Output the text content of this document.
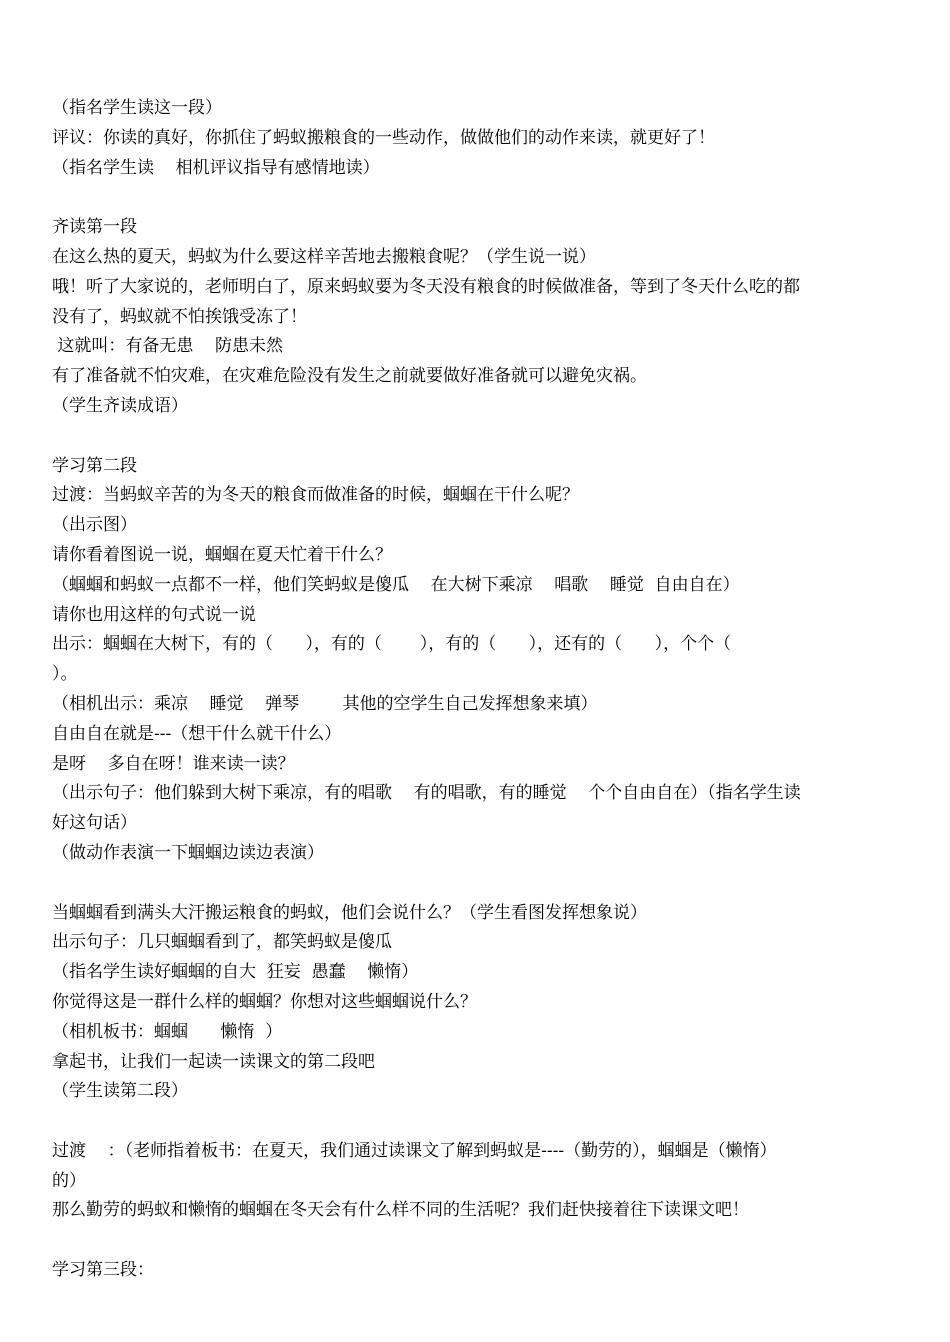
（指名学生读这一段）
评议：你读的真好，你抓住了蚂蚁搬粮食的一些动作，做做他们的动作来读，就更好了！
（指名学生读    相机评议指导有感情地读）
齐读第一段
在这么热的夏天，蚂蚁为什么要这样辛苦地去搬粮食呢？（学生说一说）
哦！听了大家说的，老师明白了，原来蚂蚁要为冬天没有粮食的时候做准备，等到了冬天什么吃的都
没有了，蚂蚁就不怕挨饿受冻了！
这就叫：有备无患    防患未然
有了准备就不怕灾难，在灾难危险没有发生之前就要做好准备就可以避免灾祸。
（学生齐读成语）
学习第二段
过渡：当蚂蚁辛苦的为冬天的粮食而做准备的时候，蝈蝈在干什么呢？
（出示图）
请你看着图说一说，蝈蝈在夏天忙着干什么？
（蝈蝈和蚂蚁一点都不一样，他们笑蚂蚁是傻瓜    在大树下乘凉    唱歌    睡觉  自由自在）
请你也用这样的句式说一说
出示：蝈蝈在大树下，有的（      ），有的（       ），有的（      ），还有的（      ），个个（
）。
（相机出示：乘凉    睡觉    弹琴        其他的空学生自己发挥想象来填）
自由自在就是---（想干什么就干什么）
是呀    多自在呀！谁来读一读？
（出示句子：他们躲到大树下乘凉，有的唱歌    有的唱歌，有的睡觉    个个自由自在）（指名学生读
好这句话）
（做动作表演一下蝈蝈边读边表演）
当蝈蝈看到满头大汗搬运粮食的蚂蚁，他们会说什么？（学生看图发挥想象说）
出示句子：几只蝈蝈看到了，都笑蚂蚁是傻瓜
（指名学生读好蝈蝈的自大  狂妄  愚蠢    懒惰）
你觉得这是一群什么样的蝈蝈？你想对这些蝈蝈说什么？
（相机板书：蝈蝈      懒惰  ）
拿起书，让我们一起读一读课文的第二段吧
（学生读第二段）
过渡    ：（老师指着板书：在夏天，我们通过读课文了解到蚂蚁是----（勤劳的），蝈蝈是（懒惰）
的）
那么勤劳的蚂蚁和懒惰的蝈蝈在冬天会有什么样不同的生活呢？我们赶快接着往下读课文吧！
学习第三段：
